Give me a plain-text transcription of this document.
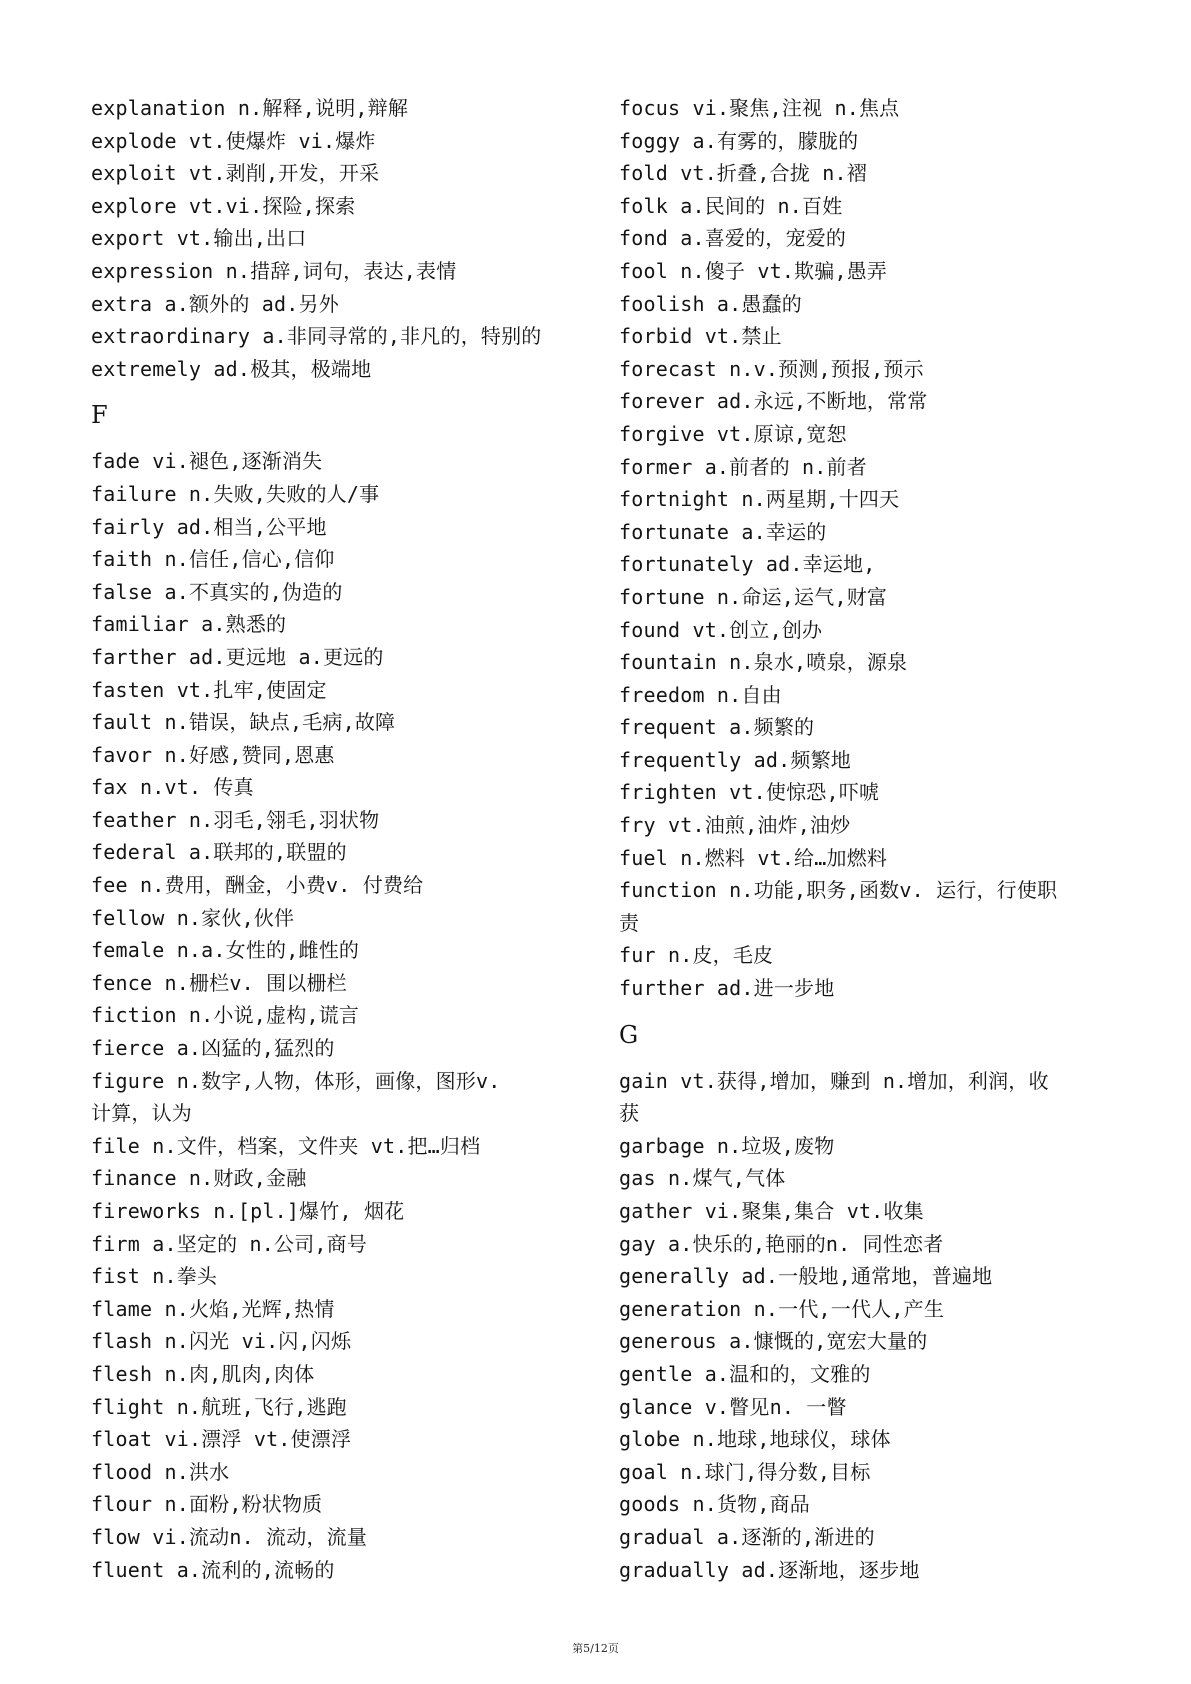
explanation n.解释,说明,辩解
explode vt.使爆炸 vi.爆炸
exploit vt.剥削,开发，开采
explore vt.vi.探险,探索
export vt.输出,出口
expression n.措辞,词句，表达,表情
extra a.额外的 ad.另外
extraordinary a.非同寻常的,非凡的，特别的
extremely ad.极其，极端地
F
fade vi.褪色,逐渐消失
failure n.失败,失败的人/事
fairly ad.相当,公平地
faith n.信任,信心,信仰
false a.不真实的,伪造的
familiar a.熟悉的
farther ad.更远地 a.更远的
fasten vt.扎牢,使固定
fault n.错误，缺点,毛病,故障
favor n.好感,赞同,恩惠
fax n.vt. 传真
feather n.羽毛,翎毛,羽状物
federal a.联邦的,联盟的
fee n.费用，酬金，小费v. 付费给
fellow n.家伙,伙伴
female n.a.女性的,雌性的
fence n.栅栏v. 围以栅栏
fiction n.小说,虚构,谎言
fierce a.凶猛的,猛烈的
figure n.数字,人物，体形，画像，图形v.
计算，认为
file n.文件，档案，文件夹 vt.把…归档
finance n.财政,金融
fireworks n.[pl.]爆竹, 烟花
firm a.坚定的 n.公司,商号
fist n.拳头
flame n.火焰,光辉,热情
flash n.闪光 vi.闪,闪烁
flesh n.肉,肌肉,肉体
flight n.航班,飞行,逃跑
float vi.漂浮 vt.使漂浮
flood n.洪水
flour n.面粉,粉状物质
flow vi.流动n. 流动，流量
fluent a.流利的,流畅的
focus vi.聚焦,注视 n.焦点
foggy a.有雾的，朦胧的
fold vt.折叠,合拢 n.褶
folk a.民间的 n.百姓
fond a.喜爱的，宠爱的
fool n.傻子 vt.欺骗,愚弄
foolish a.愚蠢的
forbid vt.禁止
forecast n.v.预测,预报,预示
forever ad.永远,不断地，常常
forgive vt.原谅,宽恕
former a.前者的 n.前者
fortnight n.两星期,十四天
fortunate a.幸运的
fortunately ad.幸运地,
fortune n.命运,运气,财富
found vt.创立,创办
fountain n.泉水,喷泉，源泉
freedom n.自由
frequent a.频繁的
frequently ad.频繁地
frighten vt.使惊恐,吓唬
fry vt.油煎,油炸,油炒
fuel n.燃料 vt.给…加燃料
function n.功能,职务,函数v. 运行，行使职
责
fur n.皮，毛皮
further ad.进一步地
G
gain vt.获得,增加，赚到 n.增加，利润，收
获
garbage n.垃圾,废物
gas n.煤气,气体
gather vi.聚集,集合 vt.收集
gay a.快乐的,艳丽的n. 同性恋者
generally ad.一般地,通常地，普遍地
generation n.一代,一代人,产生
generous a.慷慨的,宽宏大量的
gentle a.温和的，文雅的
glance v.瞥见n. 一瞥
globe n.地球,地球仪，球体
goal n.球门,得分数,目标
goods n.货物,商品
gradual a.逐渐的,渐进的
gradually ad.逐渐地，逐步地
第5/12页
